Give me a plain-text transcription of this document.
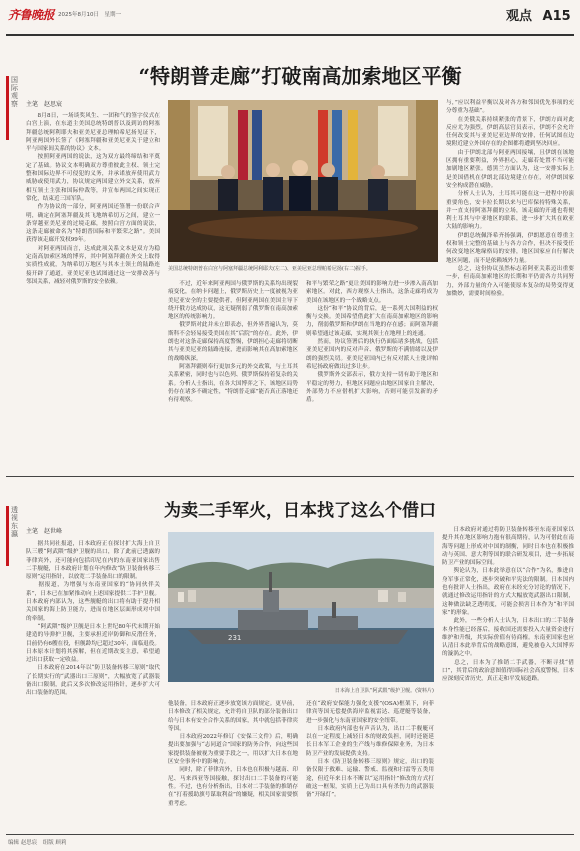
齐鲁晚报 2025年8月10日　星期一	观点 A15
国际观察
“特朗普走廊”打破南高加索地区平衡
主笔　赵思宸
　　8月8日，一场谈奖风生、一团和气的签字仪式在白宫上演，在东道主美国总统特朗普以及到访的阿塞拜疆总统阿利耶夫和亚美尼亚总理帕希尼扬见证下，阿亚两国外长签了《阿塞拜疆和亚美尼亚关于建立和平与国家间关系的协议》文本。
　　按照阿亚两国的说法，这为双方最终缔结和平奠定了基础。协议文本明确双方尊重彼此主权、领土完整和国际边界不可侵犯的义务，并承诺放弃使用武力威胁或使用武力，协议规定两国建立外交关系，放弃相互领土主张和国际仲裁等，并宣布两国之间实现正常化，结束近三国军队。
　　作为协议的一部分，阿亚两国还签署一份联合声明，确定在阿塞拜疆及其飞地纳希切万之间，建立一条穿越亚美尼亚的过境走廊，按照白宫方面的说法，这条走廊被命名为“特朗普国际和平繁荣之路”。美国获得该走廊开发权99年。
　　对阿亚两国而言，达成此项关系文本是双方为稳定南高加索区域的博弈，其中阿塞拜疆在外交上取得实质性成就，为纳希切万地区与其本土领土的陆路连接开辟了通道，亚美尼亚也试图通过这一安排改善与邻国关系，减轻对俄罗斯的安全依赖。
美国总统特朗普在白宫与阿塞拜疆总统阿利耶夫(左二)、亚美尼亚总理帕希尼扬(右二)握手。
　　不过，近年来阿亚两国与俄罗斯的关系均出现裂痕变化，在纳卡问题上，俄罗斯历史上一度被视为亚美尼亚安全的主要提供者，但阿亚两国在美国主导下绕开俄方达成协议，这无疑削弱了俄罗斯在南高加索地区的传统影响力。
　　俄罗斯对此并未立即表态，但外界普遍认为，莫斯科不会轻易接受美国在其“后院”的存在。此外，伊朗也对这条走廊保持高度警惕，伊朗担心走廊将切断其与亚美尼亚的陆路连接，进而影响其在高加索地区的战略纵深。
　　阿塞拜疆则奉行更加多元的外交政策，与土耳其关系紧密，同时也与以色列、俄罗斯保持着复杂的关系。分析人士指出，在各大国博弈之下，该地区局势仍存在诸多不确定性，“特朗普走廊”能否真正落地还有待观察。
和平与繁荣之路”更让美国的影响力进一步渗入南高加索地区。对此，西方观察人士指出，这条走廊将成为美国在该地区的一个战略支点。
　　这份“和平”协议的背后，是一系列大国利益的权衡与交换。美国希望借此扩大在南高加索地区的影响力，削弱俄罗斯和伊朗在当地的存在感；而阿塞拜疆则希望通过该走廊，实现其领土在地理上的连通。
　　然而，协议签署后的执行仍面临诸多挑战，包括亚美尼亚国内的反对声音、俄罗斯的不满情绪以及伊朗的强烈关切。亚美尼亚国内已有反对派人士批评帕希尼扬政府做出过多让步。
　　俄罗斯外交部表示，俄方支持一切有助于地区和平稳定的努力，但地区问题应由地区国家自主解决，外部势力不应借机扩大影响，否则可能引发新的矛盾。
与，”应以利益平衡以及对各方和邻国优先事项的充分尊重为基础”。
　　在美俄关系持续紧张的背景下，伊朗方面对此反应尤为强烈，伊朗高层官员表示，伊朗不会允许任何改变其与亚美尼亚边界的安排，任何试图在边境附近建立外国存在的企图都将遭到坚决回应。
　　由于伊朗北部与阿亚两国接壤，且伊朗在该地区拥有重要利益，外界担心，走廊若处置不当可能加剧地区紧张。德黑兰方面认为，这一安排实际上是美国借机在伊朗北部边境建立存在，对伊朗国家安全构成潜在威胁。
　　分析人士认为，土耳其可能在这一进程中扮演重要角色，安卡拉长期以来与巴库保持特殊关系，并一直支持阿塞拜疆的立场，该走廊的开通也将便利土耳其与中亚地区的联系，进一步扩大其在欧亚大陆的影响力。
　　伊朗总统佩泽希齐扬强调，伊朗愿意在尊重主权和领土完整的基础上与各方合作，但决不接受任何改变地区地缘格局的安排，地区国家应自行解决地区问题，而不是依赖域外力量。
　　总之，这份协议虽然标志着阿亚关系迈出重要一步，但南高加索地区的长期和平仍需各方共同努力，外部力量的介入可能使原本复杂的局势变得更加微妙，需要时间检验。
透视东瀛
为卖二手军火，日本找了这么个借口
主笔　赵世峰
　　据共同社报道，日本政府正在探讨扩大海上自卫队三艘“阿武隈”级护卫舰的出口，除了此前已透露的菲律宾外，还可能向包括印尼在内的东南亚国家出售二手舰艇，日本政府计划在年内修改“防卫装备转移三原则”运用指针，以放宽二手装备出口的限制。
　　据报道，为增强与东南亚国家的“协同伙伴关系”，日本已在加紧推动向上述国家提供二手护卫舰。日本政府内部认为，这些舰艇的出口将有助于提升相关国家的海上防卫能力，进而在地区层面形成对中国的牵制。
　　“阿武隈”级护卫舰是日本上世纪80年代末期开始建造的导弹护卫舰，主要承担近岸防御和反潜任务，目前仍有6艘在役，但舰龄均已超过30年，面临退役。日本原本计划将其拆解，但在近期改变主意，希望通过出口获取一定收益。
　　日本政府在2014年以“防卫装备转移三原则”取代了长期实行的“武器出口三原则”，大幅放宽了武器装备出口限制，此后又多次修改运用指针，逐步扩大可出口装备的范围。
231
日本海上自卫队“阿武隈”级护卫舰。(资料片)
他装备，日本政府正逐步放宽该方面规定。更早前，日本修改了相关规定，允许将自卫队的部分装备出口给与日本有安全合作关系的国家，其中就包括菲律宾等国。
　　日本政府2022年修订《安保三文件》后，明确提出要加强与“志同道合”国家的防务合作，向这些国家提供装备被视为重要手段之一，用以扩大日本在地区安全事务中的影响力。
　　同时，除了菲律宾外，日本也在积极与越南、印尼、马来西亚等国接触，探讨出口二手装备的可能性。不过，也有分析指出，日本对二手装备的推销存在“打着援助旗号谋取利益”的嫌疑，相关国家需要慎重考虑。
还在“政府安保能力强化支援”(OSA)框架下，向菲律宾等国无偿提供海岸监视雷达、巡逻艇等装备，进一步强化与东南亚国家的安全纽带。
　　日本政府内部也有声音认为，出口二手舰艇可以在一定程度上减轻日本的财政负担，同时还能延长日本军工企业的生产线与维修保障业务，为日本防卫产业的发展提供支持。
　　日本《防卫装备转移三原则》规定，出口的装备仅限于救难、运输、警戒、监视和扫雷等五类用途，但近年来日本不断以“运用指针”修改的方式打破这一框架，实质上已为出口具有杀伤力的武器装备“开绿灯”。
　　日本政府对通过将防卫装备转移至东南亚国家以提升其在地区影响力抱有很高期待，认为可借此在南海等问题上形成对中国的制衡，同时日本也在积极推动与英国、意大利等国的联合研发项目，进一步拓展防卫产业的国际空间。
　　舆论认为，日本此举意在以“合作”为名，推进自身军事正常化，逐步突破和平宪法的限制。日本国内也有批评人士指出，政府在未经充分讨论的情况下，就通过修改运用指针的方式大幅放宽武器出口限制，这种做法缺乏透明度，可能会损害日本作为“和平国家”的形象。
　　此外，一些分析人士认为，日本出口的二手装备本身性能已经落后，接收国还需要投入大量资金进行维护和升级，其实际价值有待商榷。东南亚国家也应认清日本此举背后的战略意图，避免被卷入大国博弈的漩涡之中。
　　总之，日本为了推销二手武器，不断寻找“借口”，其背后的政治意图值得国际社会高度警惕，日本应深刻反省历史，真正走和平发展道路。
编辑 赵思宸　组版 顾莉
